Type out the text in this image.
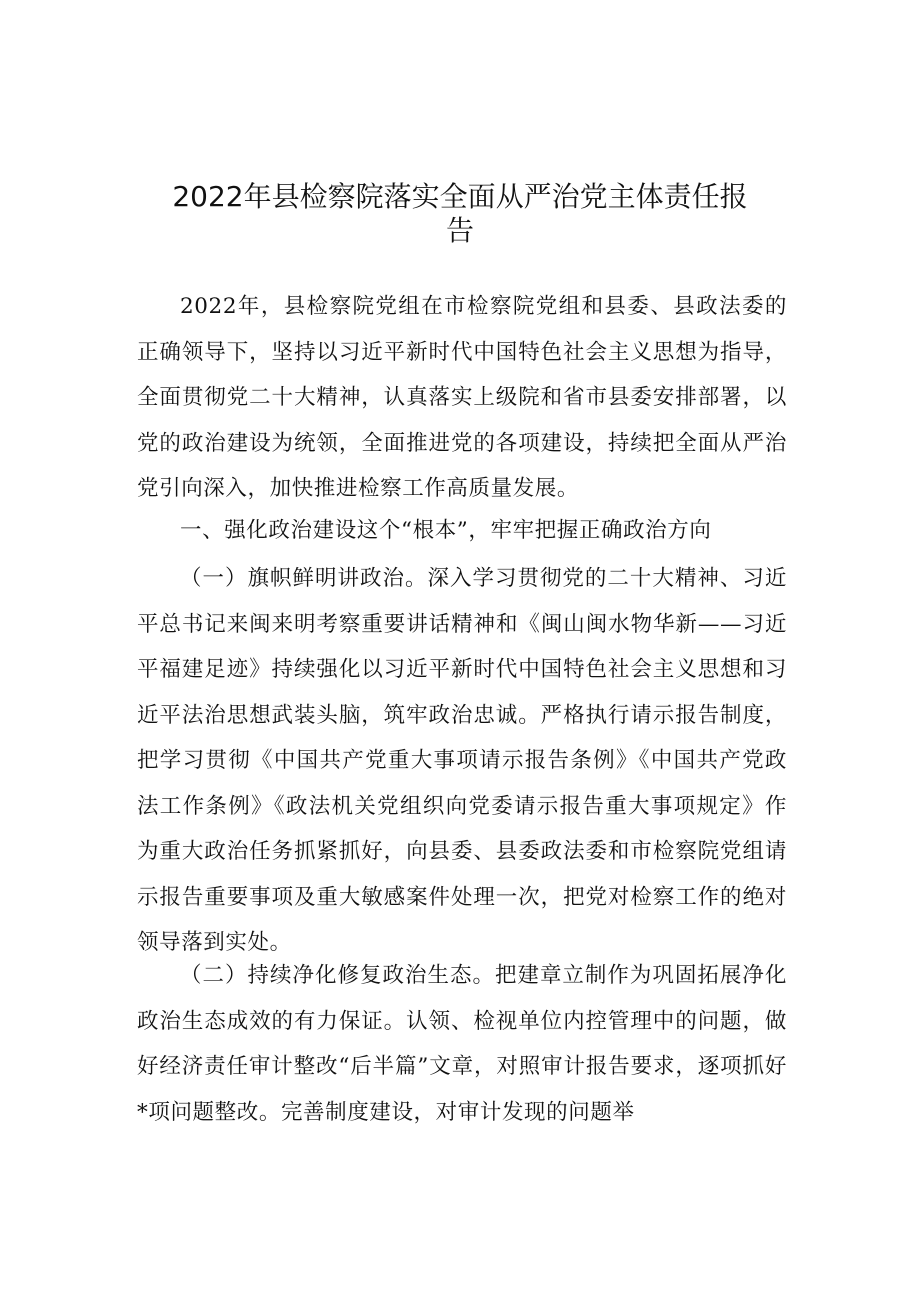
2022年县检察院落实全面从严治党主体责任报
告

2022年，县检察院党组在市检察院党组和县委、县政法委的正确领导下，坚持以习近平新时代中国特色社会主义思想为指导，全面贯彻党二十大精神，认真落实上级院和省市县委安排部署，以党的政治建设为统领，全面推进党的各项建设，持续把全面从严治党引向深入，加快推进检察工作高质量发展。

一、强化政治建设这个“根本”，牢牢把握正确政治方向

（一）旗帜鲜明讲政治。深入学习贯彻党的二十大精神、习近平总书记来闽来明考察重要讲话精神和《闽山闽水物华新——习近平福建足迹》持续强化以习近平新时代中国特色社会主义思想和习近平法治思想武装头脑，筑牢政治忠诚。严格执行请示报告制度，把学习贯彻《中国共产党重大事项请示报告条例》《中国共产党政法工作条例》《政法机关党组织向党委请示报告重大事项规定》作为重大政治任务抓紧抓好，向县委、县委政法委和市检察院党组请示报告重要事项及重大敏感案件处理一次，把党对检察工作的绝对领导落到实处。

（二）持续净化修复政治生态。把建章立制作为巩固拓展净化政治生态成效的有力保证。认领、检视单位内控管理中的问题，做好经济责任审计整改“后半篇”文章，对照审计报告要求，逐项抓好*项问题整改。完善制度建设，对审计发现的问题举
